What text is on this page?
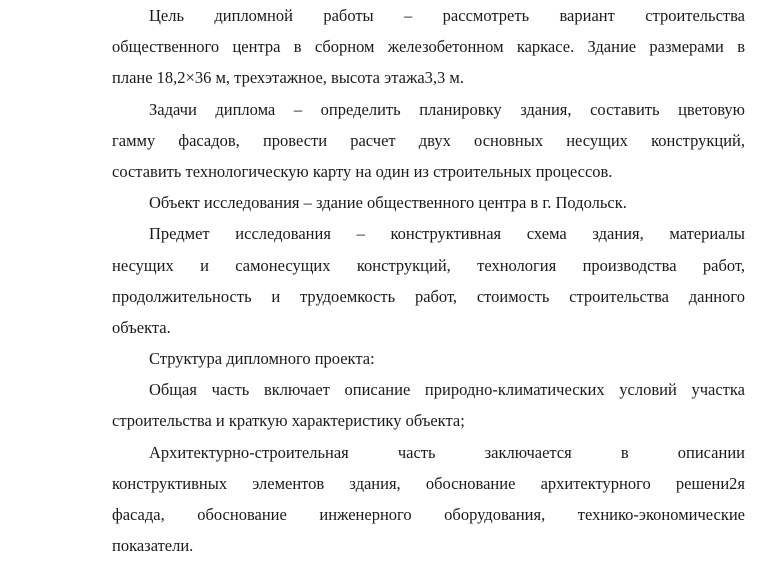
Цель дипломной работы – рассмотреть вариант строительства
общественного центра в сборном железобетонном каркасе. Здание размерами в
плане 18,2×36 м, трехэтажное, высота этажа3,3 м.
Задачи диплома – определить планировку здания, составить цветовую
гамму фасадов, провести расчет двух основных несущих конструкций,
составить технологическую карту на один из строительных процессов.
Объект исследования – здание общественного центра в г. Подольск.
Предмет исследования – конструктивная схема здания, материалы
несущих и самонесущих конструкций, технология производства работ,
продолжительность и трудоемкость работ, стоимость строительства данного
объекта.
Структура дипломного проекта:
Общая часть включает описание природно-климатических условий участка
строительства и краткую характеристику объекта;
Архитектурно-строительная часть заключается в описании
конструктивных элементов здания, обоснование архитектурного решени2я
фасада, обоснование инженерного оборудования, технико-экономические
показатели.
